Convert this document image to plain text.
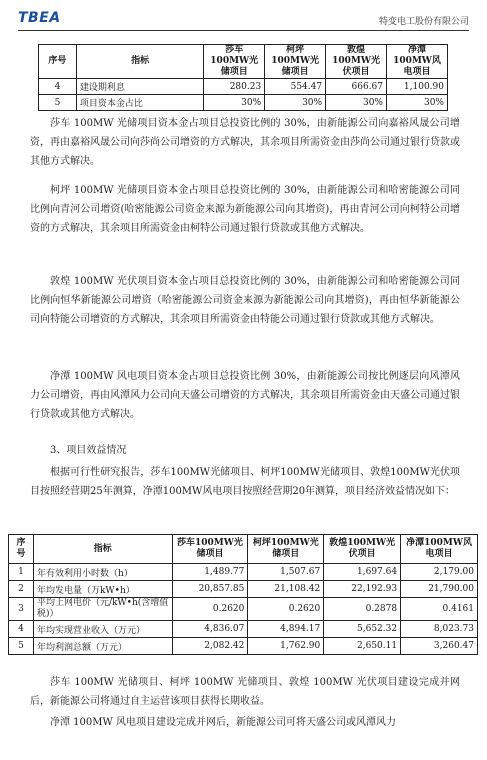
TBEA	特变电工股份有限公司
序号	指标	莎车100MW光储项目	柯坪100MW光储项目	敦煌100MW光伏项目	净潭100MW风电项目
4	建设期利息	280.23	554.47	666.67	1,100.90
5	项目资本金占比	30%	30%	30%	30%

莎车 100MW 光储项目资本金占项目总投资比例的 30%，由新能源公司向嘉裕风晟公司增资，再由嘉裕风晟公司向莎尚公司增资的方式解决，其余项目所需资金由莎尚公司通过银行贷款或其他方式解决。

柯坪 100MW 光储项目资本金占项目总投资比例的 30%，由新能源公司和哈密能源公司同比例向青河公司增资(哈密能源公司资金来源为新能源公司向其增资)，再由青河公司向柯特公司增资的方式解决，其余项目所需资金由柯特公司通过银行贷款或其他方式解决。

敦煌 100MW 光伏项目资本金占项目总投资比例的 30%，由新能源公司和哈密能源公司同比例向恒华新能源公司增资（哈密能源公司资金来源为新能源公司向其增资)，再由恒华新能源公司向特能公司增资的方式解决，其余项目所需资金由特能公司通过银行贷款或其他方式解决。

净潭 100MW 风电项目资本金占项目总投资比例 30%，由新能源公司按比例逐层向风潭风力公司增资，再由风潭风力公司向天盛公司增资的方式解决，其余项目所需资金由天盛公司通过银行贷款或其他方式解决。

3、项目效益情况

根据可行性研究报告，莎车100MW光储项目、柯坪100MW光储项目、敦煌100MW光伏项目按照经营期25年测算，净潭100MW风电项目按照经营期20年测算，项目经济效益情况如下：

序号	指标	莎车100MW光储项目	柯坪100MW光储项目	敦煌100MW光伏项目	净潭100MW风电项目
1	年有效利用小时数（h）	1,489.77	1,507.67	1,697.64	2,179.00
2	年均发电量（万kW•h）	20,857.85	21,108.42	22,192.93	21,790.00
3	平均上网电价（元/kW•h(含增值税)）	0.2620	0.2620	0.2878	0.4161
4	年均实现营业收入（万元）	4,836.07	4,894.17	5,652.32	8,023.73
5	年均利润总额（万元）	2,082.42	1,762.90	2,650.11	3,260.47

莎车 100MW 光储项目、柯坪 100MW 光储项目、敦煌 100MW 光伏项目建设完成并网后，新能源公司将通过自主运营该项目获得长期收益。

净潭 100MW 风电项目建设完成并网后，新能源公司可将天盛公司或风潭风力
